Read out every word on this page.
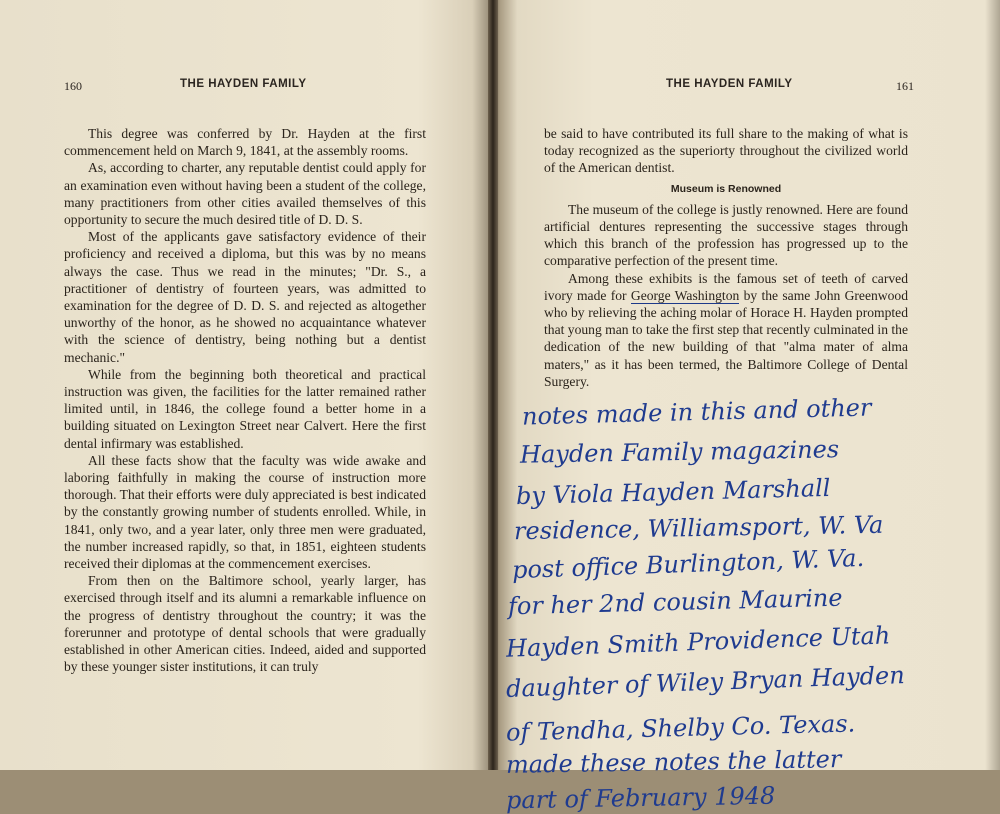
160	THE HAYDEN FAMILY

This degree was conferred by Dr. Hayden at the first commencement held on March 9, 1841, at the assembly rooms.

As, according to charter, any reputable dentist could apply for an examination even without having been a student of the college, many practitioners from other cities availed themselves of this opportunity to secure the much desired title of D. D. S.

Most of the applicants gave satisfactory evidence of their proficiency and received a diploma, but this was by no means always the case. Thus we read in the minutes; "Dr. S., a practitioner of dentistry of fourteen years, was admitted to examination for the degree of D. D. S. and rejected as altogether unworthy of the honor, as he showed no acquaintance whatever with the science of dentistry, being nothing but a dentist mechanic."

While from the beginning both theoretical and practical instruction was given, the facilities for the latter remained rather limited until, in 1846, the college found a better home in a building situated on Lexington Street near Calvert. Here the first dental infirmary was established.

All these facts show that the faculty was wide awake and laboring faithfully in making the course of instruction more thorough. That their efforts were duly appreciated is best indicated by the constantly growing number of students enrolled. While, in 1841, only two, and a year later, only three men were graduated, the number increased rapidly, so that, in 1851, eighteen students received their diplomas at the commencement exercises.

From then on the Baltimore school, yearly larger, has exercised through itself and its alumni a remarkable influence on the progress of dentistry throughout the country; it was the forerunner and prototype of dental schools that were gradually established in other American cities. Indeed, aided and supported by these younger sister institutions, it can truly

THE HAYDEN FAMILY	161

be said to have contributed its full share to the making of what is today recognized as the superiorty throughout the civilized world of the American dentist.

Museum is Renowned

The museum of the college is justly renowned. Here are found artificial dentures representing the successive stages through which this branch of the profession has progressed up to the comparative perfection of the present time.

Among these exhibits is the famous set of teeth of carved ivory made for George Washington by the same John Greenwood who by relieving the aching molar of Horace H. Hayden prompted that young man to take the first step that recently culminated in the dedication of the new building of that "alma mater of alma maters," as it has been termed, the Baltimore College of Dental Surgery.

notes made in this and other
Hayden Family magazines
by Viola Hayden Marshall
residence, Williamsport, W. Va
post office Burlington, W. Va.
for her 2nd cousin Maurine
Hayden Smith Providence Utah
daughter of Wiley Bryan Hayden
of Tendha, Shelby Co. Texas.
made these notes the latter
part of February 1948
